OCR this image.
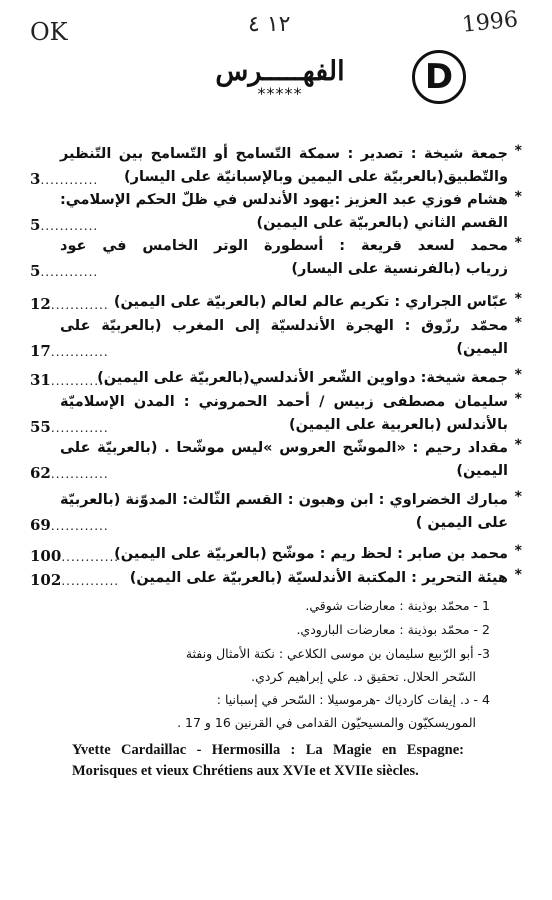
OK	١٢ ٤	1996
D
الفهـــــرس
*****
*
جمعة شيخة : تصدير : سمكة التّسامح أو التّسامح بين التّنظير
والتّطبيق(بالعربيّة على اليمين وبالإسبانيّة على اليسار)
3............
*
هشام فوزي عبد العزيز :يهود الأندلس في ظلّ الحكم الإسلامي:
القسم الثاني (بالعربيّة على اليمين)
5............
*
محمد لسعد قريعة : أسطورة الوتر الخامس في عود
زرياب (بالفرنسية على اليسار)
5............
*
عبّاس الجراري : تكريم عالم لعالم (بالعربيّة على اليمين)
12............
*
محمّد رزّوق : الهجرة الأندلسيّة إلى المغرب (بالعربيّة على
اليمين)
17............
*
جمعة شيخة: دواوين الشّعر الأندلسي(بالعربيّة على اليمين)
31............
*
سليمان مصطفى زبيس / أحمد الحمروني : المدن الإسلاميّة
بالأندلس (بالعربية على اليمين)
55............
*
مقداد رحيم : «الموشّح العروس »ليس موشّحا . (بالعربيّة على
اليمين)
62............
*
مبارك الخضراوي : ابن وهبون : القسم الثّالث: المدوّنة (بالعربيّة
على اليمين )
69............
*
محمد بن صابر : لحظ ريم : موشّح (بالعربيّة على اليمين)
100............
*
هيئة التحرير : المكتبة الأندلسيّة (بالعربيّة على اليمين)
102............
1 - محمّد بوذينة : معارضات شوقي.
2 - محمّد بوذينة : معارضات البارودي.
3- أبو الرّبيع سليمان بن موسى الكلاعي : نكتة الأمثال ونفثة
السّحر الحلال. تحقيق د. علي إبراهيم كردي.
4 - د. إيفات كاردياك -هرموسيلا : السّحر في إسبانيا :
الموريسكيّون والمسيحيّون القدامى في القرنين 16 و 17 .
Yvette Cardaillac - Hermosilla : La Magie en Espagne: Morisques et vieux Chrétiens aux XVIe et XVIIe siècles.
